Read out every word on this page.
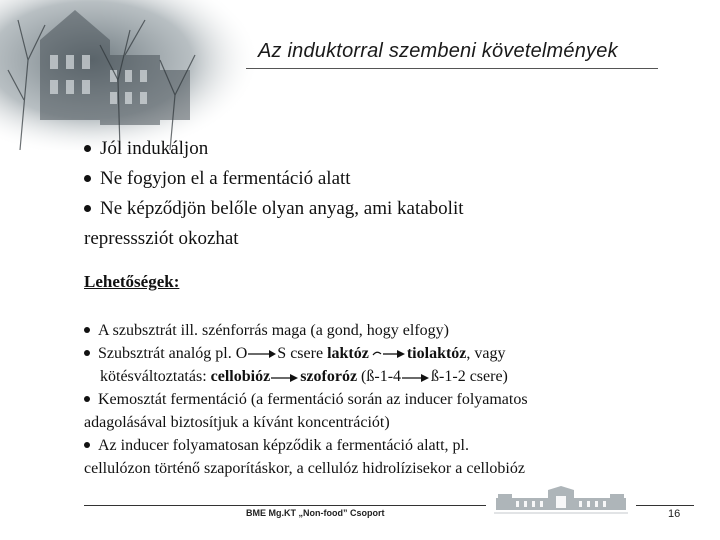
Az induktorral szembeni követelmények
Jól indukáljon
Ne fogyjon el a fermentáció alatt
Ne képződjön belőle olyan anyag, ami katabolit
represssziót okozhat
Lehetőségek:
A szubsztrát ill. szénforrás maga (a gond, hogy elfogy)
Szubsztrát analóg pl. O S csere laktóz tiolaktóz, vagy
kötésváltoztatás: cellobióz szoforóz (ß-1-4 ß-1-2 csere)
Kemosztát fermentáció (a fermentáció során az inducer folyamatos
adagolásával biztosítjuk a kívánt koncentrációt)
Az inducer folyamatosan képződik a fermentáció alatt, pl.
cellulózon történő szaporításkor, a cellulóz hidrolízisekor a cellobióz
BME Mg.KT „Non-food” Csoport	16
